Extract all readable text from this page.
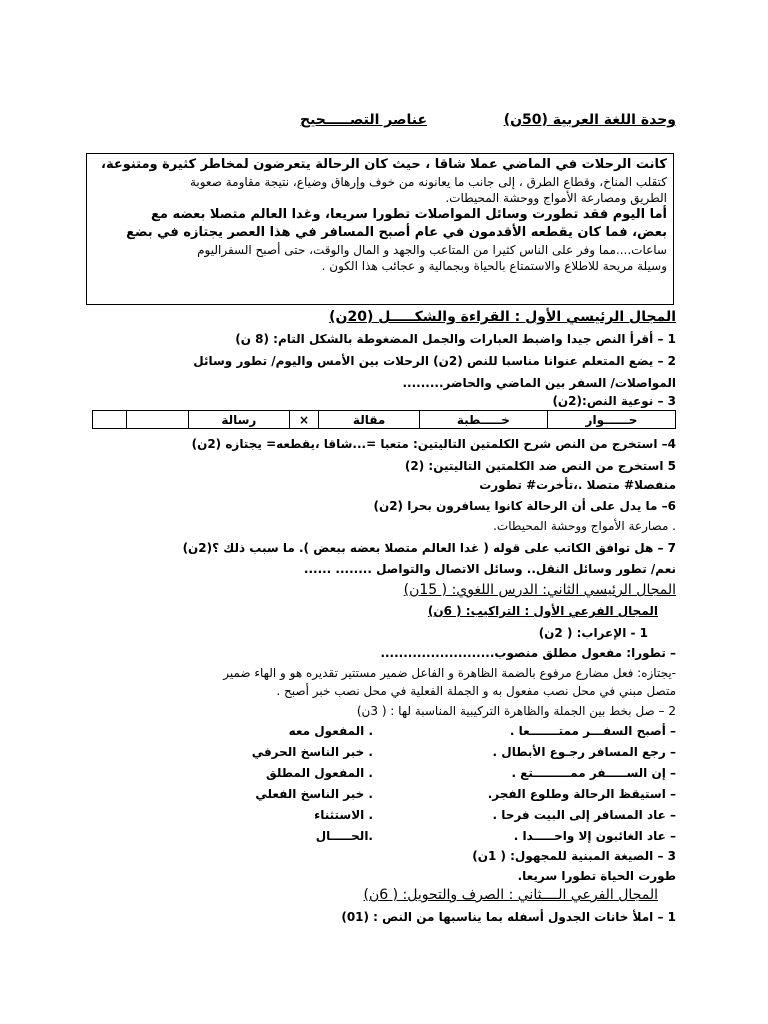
وحدة اللغة العربية (50ن)
عناصر التصـــــحيح

كانت الرحلات في الماضي عملا شاقا ، حيث كان الرحالة يتعرضون لمخاطر كثيرة ومتنوعة،

كتقلب المناخ، وقطاع الطرق ، إلى جانب ما يعانونه من خوف وإرهاق وضياع، نتيجة مقاومة صعوبة

الطريق ومصارعة الأمواج ووحشة المحيطات.

أما اليوم فقد تطورت وسائل المواصلات تطورا سريعا، وغدا العالم متصلا بعضه مع

بعض، فما كان يقطعه الأقدمون في عام أصبح المسافر في هذا العصر يجتازه في بضع

ساعات....مما وفر على الناس كثيرا من المتاعب والجهد و المال والوقت، حتى أصبح السفراليوم

وسيلة مريحة للاطلاع والاستمتاع بالحياة وبجمالية و عجائب هذا الكون .

المجال الرئيسي الأول : القراءة والشكـــــل (20ن)
1 – أقرأ النص جيدا واضبط العبارات والجمل المضغوطة بالشكل التام: (8 ن)
2 – يضع المتعلم عنوانا مناسبا للنص (2ن) الرحلات بين الأمس واليوم/ تطور وسائل
المواصلات/ السفر بين الماضي والحاضر.........
3 – نوعية النص:(2ن)
حــــــوار	خـــــطبة	مقالة	×	رسالة		
4– استخرج من النص شرح الكلمتين التاليتين: متعبا =...شاقا ،يقطعه= يجتازه (2ن)
5 استخرج من النص ضد الكلمتين التاليتين: (2)
منفصلا# متصلا .،تأخرت# تطورت
6– ما يدل على أن الرحالة كانوا يسافرون بحرا (2ن)
. مصارعة الأمواج ووحشة المحيطات.
7 – هل توافق الكاتب على قوله ( غدا العالم متصلا بعضه ببعض ). ما سبب ذلك ؟(2ن)
نعم/ تطور وسائل النقل.. وسائل الاتصال والتواصل ........ ......
المجال الرئيسي الثاني: الدرس اللغوي: ( 15ن)
المجال الفرعي الأول : التراكيب: ( 6ن)
1 - الإعراب: ( 2ن)
– تطورا: مفعول مطلق منصوب.........................
-يجتازه: فعل مضارع مرفوع بالضمة الظاهرة و الفاعل ضمير مستتير تقديره هو و الهاء ضمير
متصل مبني في محل نصب مفعول به و الجملة الفعلية في محل نصب خبر أصبح .
2 – صل بخط بين الجملة والظاهرة التركيبية المناسبة لها : ( 3ن)
– أصبح السفـــر ممتـــــــعا .
. المفعول معه
– رجع المسافر رجـوع الأبطال .
. خبر الناسخ الحرفي
– إن الســـــفر ممـــــــــتع .
. المفعول المطلق
– استيقظ الرحالة وطلوع الفجر.
. خبر الناسخ الفعلي
– عاد المسافر إلى البيت فرحا .
. الاستثناء
– عاد الغائبون إلا واحـــــدا .
.الحـــــال
3 – الصيغة المبنية للمجهول: ( 1ن)
طورت الحياة تطورا سريعا.
المجال الفرعي الــــثاني : الصرف والتحويل: ( 6ن)
1 – املأ خانات الجدول أسفله بما يناسبها من النص : (01)
